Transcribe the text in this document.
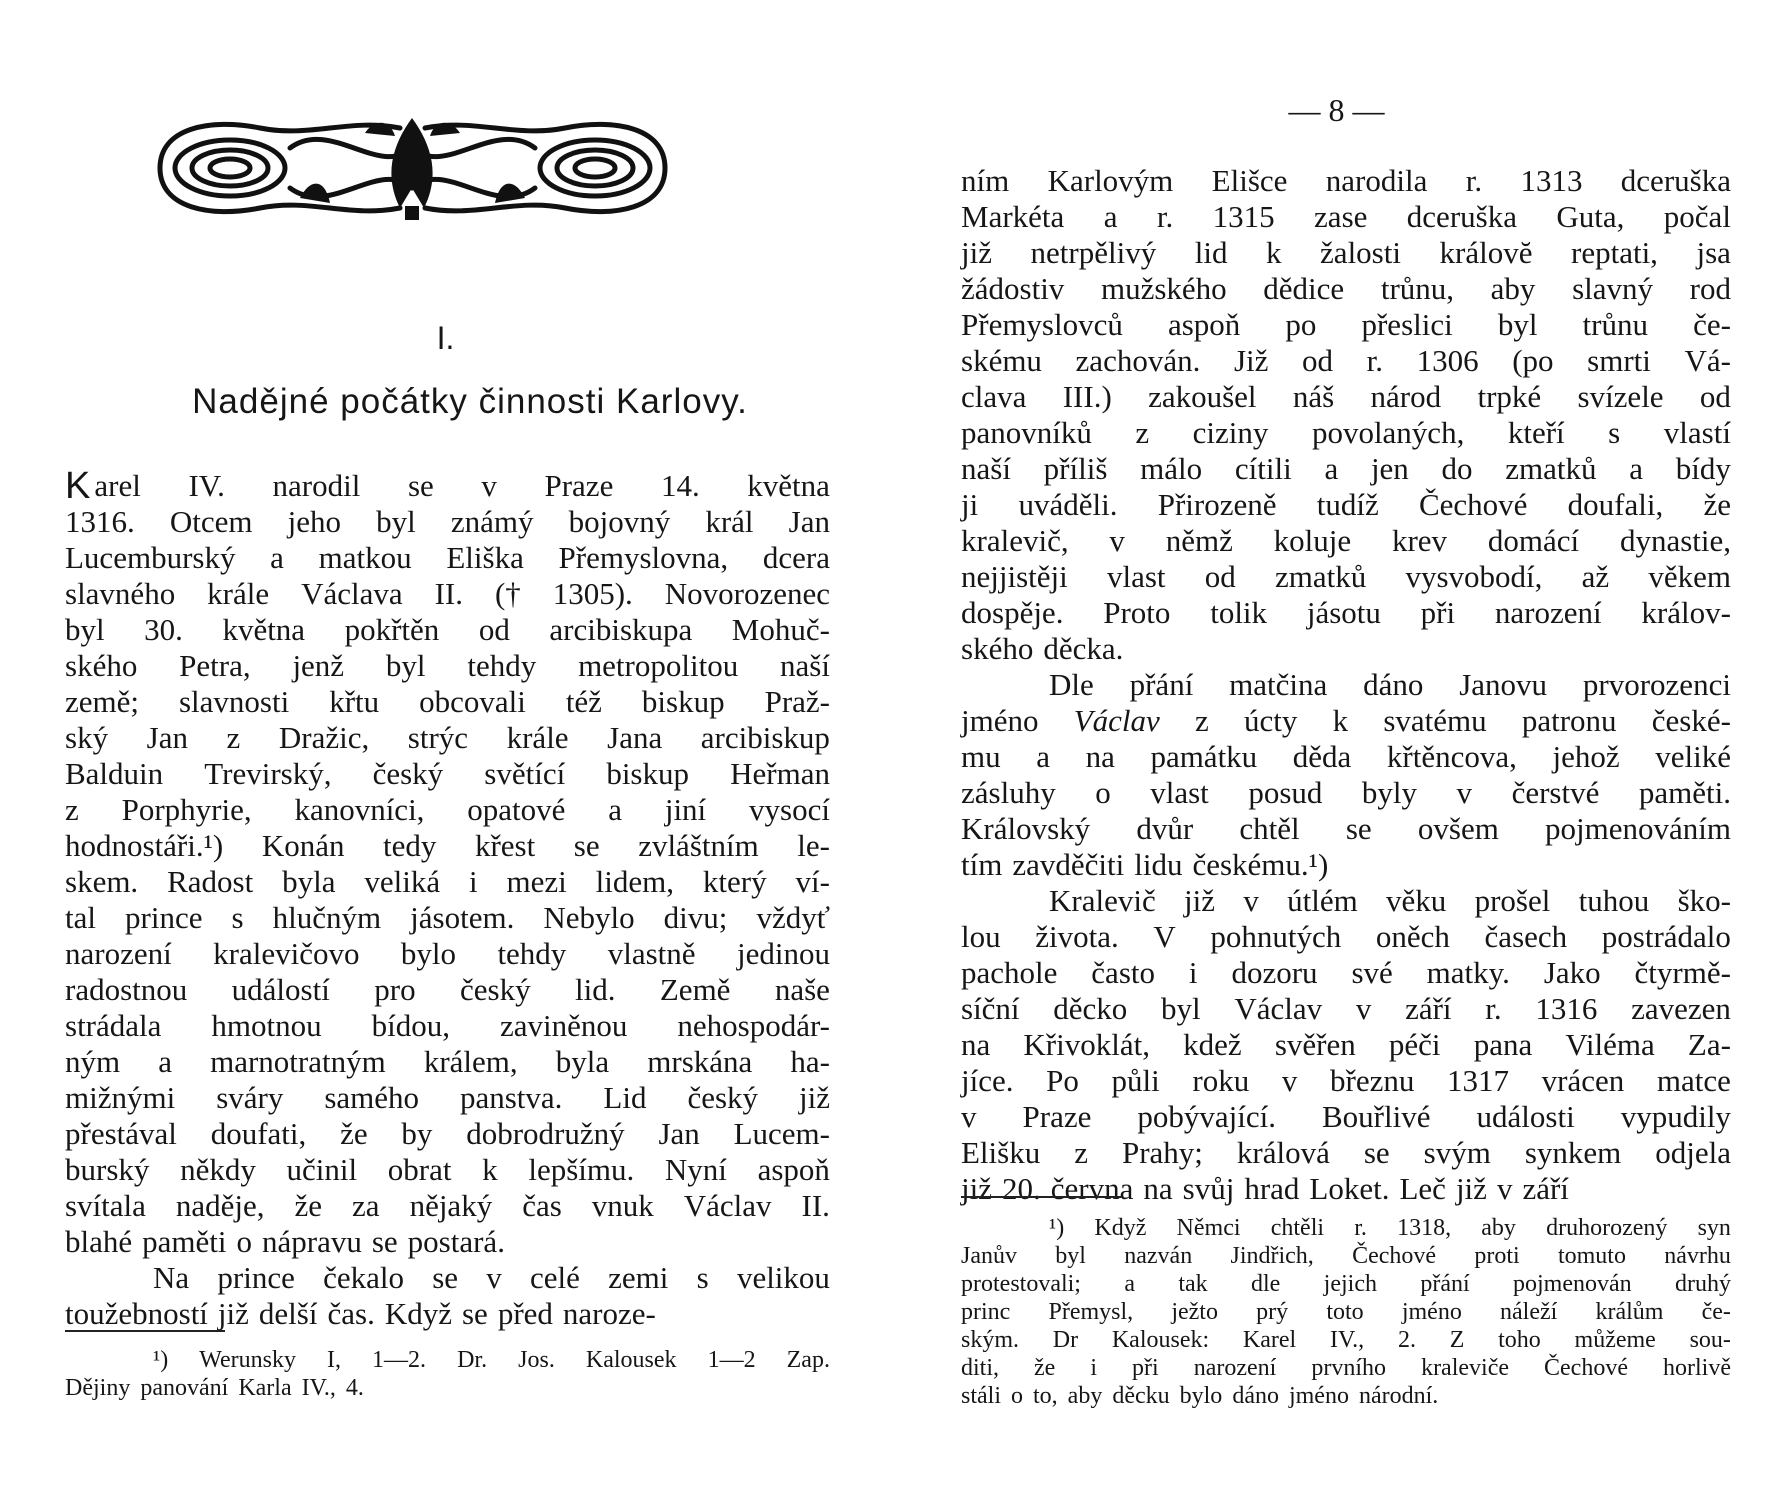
I.
Nadějné počátky činnosti Karlovy.
K arel IV. narodil se v Praze 14. května
1316. Otcem jeho byl známý bojovný král Jan
Lucemburský a matkou Eliška Přemyslovna, dcera
slavného krále Václava II. († 1305). Novorozenec
byl 30. května pokřtěn od arcibiskupa Mohuč-
ského Petra, jenž byl tehdy metropolitou naší
země; slavnosti křtu obcovali též biskup Praž-
ský Jan z Dražic, strýc krále Jana arcibiskup
Balduin Trevirský, český světící biskup Heřman
z Porphyrie, kanovníci, opatové a jiní vysocí
hodnostáři.¹) Konán tedy křest se zvláštním le-
skem. Radost byla veliká i mezi lidem, který ví-
tal prince s hlučným jásotem. Nebylo divu; vždyť
narození kralevičovo bylo tehdy vlastně jedinou
radostnou událostí pro český lid. Země naše
strádala hmotnou bídou, zaviněnou nehospodár-
ným a marnotratným králem, byla mrskána ha-
mižnými sváry samého panstva. Lid český již
přestával doufati, že by dobrodružný Jan Lucem-
burský někdy učinil obrat k lepšímu. Nyní aspoň
svítala naděje, že za nějaký čas vnuk Václav II.
blahé paměti o nápravu se postará.
Na prince čekalo se v celé zemi s velikou
toužebností již delší čas. Když se před naroze-
¹) Werunsky I, 1—2. Dr. Jos. Kalousek 1—2 Zap.
Dějiny panování Karla IV., 4.
— 8 —
ním Karlovým Elišce narodila r. 1313 dceruška
Markéta a r. 1315 zase dceruška Guta, počal
již netrpělivý lid k žalosti královĕ reptati, jsa
žádostiv mužského dědice trůnu, aby slavný rod
Přemyslovců aspoň po přeslici byl trůnu če-
skému zachován. Již od r. 1306 (po smrti Vá-
clava III.) zakoušel náš národ trpké svízele od
panovníků z ciziny povolaných, kteří s vlastí
naší příliš málo cítili a jen do zmatků a bídy
ji uváděli. Přirozeně tudíž Čechové doufali, že
kralevič, v němž koluje krev domácí dynastie,
nejjistěji vlast od zmatků vysvobodí, až věkem
dospěje. Proto tolik jásotu při narození králov-
ského děcka.
Dle přání matčina dáno Janovu prvorozenci
jméno Václav z úcty k svatému patronu české-
mu a na památku děda křtěncova, jehož veliké
zásluhy o vlast posud byly v čerstvé paměti.
Královský dvůr chtěl se ovšem pojmenováním
tím zavděčiti lidu českému.¹)
Kralevič již v útlém věku prošel tuhou ško-
lou života. V pohnutých oněch časech postrádalo
pachole často i dozoru své matky. Jako čtyrmě-
síční děcko byl Václav v září r. 1316 zavezen
na Křivoklát, kdež svěřen péči pana Viléma Za-
jíce. Po půli roku v březnu 1317 vrácen matce
v Praze pobývající. Bouřlivé události vypudily
Elišku z Prahy; králová se svým synkem odjela
již 20. června na svůj hrad Loket. Leč již v září
¹) Když Němci chtěli r. 1318, aby druhorozený syn
Janův byl nazván Jindřich, Čechové proti tomuto návrhu
protestovali; a tak dle jejich přání pojmenován druhý
princ Přemysl, ježto prý toto jméno náleží králům če-
ským. Dr Kalousek: Karel IV., 2. Z toho můžeme sou-
diti, že i při narození prvního kraleviče Čechové horlivě
stáli o to, aby děcku bylo dáno jméno národní.
